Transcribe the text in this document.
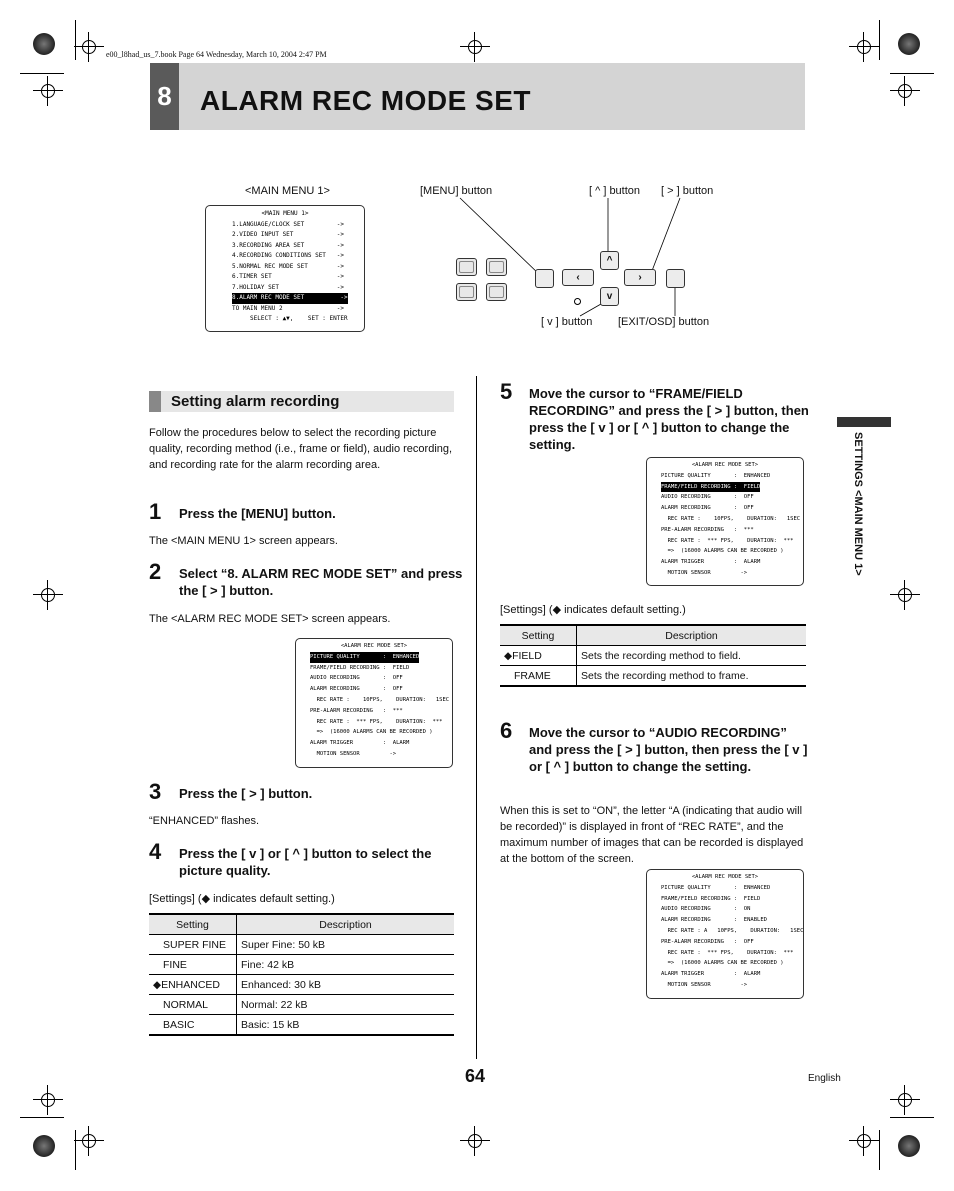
e00_l8had_us_7.book Page 64 Wednesday, March 10, 2004 2:47 PM
8 ALARM REC MODE SET
<MAIN MENU 1>
<MAIN MENU 1>
1.LANGUAGE/CLOCK SET         ->
2.VIDEO INPUT SET            ->
3.RECORDING AREA SET         ->
4.RECORDING CONDITIONS SET   ->
5.NORMAL REC MODE SET        ->
6.TIMER SET                  ->
7.HOLIDAY SET                ->
8.ALARM REC MODE SET          ->
TO MAIN MENU 2               ->
SELECT : ▲▼,    SET : ENTER
[MENU] button	[ ^ ] button [ > ] button
[ v ] button [EXIT/OSD] button
‹
^
v
›
Setting alarm recording
Follow the procedures below to select the recording picture quality, recording method (i.e., frame or field), audio recording, and recording rate for the alarm recording area.
1 Press the [MENU] button.
The <MAIN MENU 1> screen appears.
2 Select “8. ALARM REC MODE SET” and press the [ > ] button.
The <ALARM REC MODE SET> screen appears.
<ALARM REC MODE SET>
PICTURE QUALITY       :  ENHANCED
FRAME/FIELD RECORDING :  FIELD
AUDIO RECORDING       :  OFF
ALARM RECORDING       :  OFF
REC RATE :    10FPS,    DURATION:   1SEC
PRE-ALARM RECORDING   :  ***
REC RATE :  *** FPS,    DURATION:  ***
=>  (16000 ALARMS CAN BE RECORDED )
ALARM TRIGGER         :  ALARM
MOTION SENSOR         ->
3 Press the [ > ] button.
“ENHANCED” flashes.
4 Press the [ v ] or [ ^ ] button to select the picture quality.
[Settings] (◆ indicates default setting.)
Setting	Description
SUPER FINE	Super Fine: 50 kB
FINE	Fine: 42 kB
◆ENHANCED	Enhanced: 30 kB
NORMAL	Normal: 22 kB
BASIC	Basic: 15 kB
5 Move the cursor to “FRAME/FIELD RECORDING” and press the [ > ] button, then press the [ v ] or [ ^ ] button to change the setting.
<ALARM REC MODE SET>
PICTURE QUALITY       :  ENHANCED
FRAME/FIELD RECORDING :  FIELD
AUDIO RECORDING       :  OFF
ALARM RECORDING       :  OFF
REC RATE :    10FPS,    DURATION:   1SEC
PRE-ALARM RECORDING   :  ***
REC RATE :  *** FPS,    DURATION:  ***
=>  (16000 ALARMS CAN BE RECORDED )
ALARM TRIGGER         :  ALARM
MOTION SENSOR         ->
[Settings] (◆ indicates default setting.)
Setting	Description
◆FIELD	Sets the recording method to field.
FRAME	Sets the recording method to frame.
6 Move the cursor to “AUDIO RECORDING” and press the [ > ] button, then press the [ v ] or [ ^ ] button to change the setting.
When this is set to “ON”, the letter “A (indicating that audio will be recorded)” is displayed in front of “REC RATE”, and the maximum number of images that can be recorded is displayed at the bottom of the screen.
<ALARM REC MODE SET>
PICTURE QUALITY       :  ENHANCED
FRAME/FIELD RECORDING :  FIELD
AUDIO RECORDING       :  ON
ALARM RECORDING       :  ENABLED
REC RATE : A   10FPS,    DURATION:   1SEC
PRE-ALARM RECORDING   :  OFF
REC RATE :  *** FPS,    DURATION:  ***
=>  (16000 ALARMS CAN BE RECORDED )
ALARM TRIGGER         :  ALARM
MOTION SENSOR         ->
SETTINGS <MAIN MENU 1>
64	English
